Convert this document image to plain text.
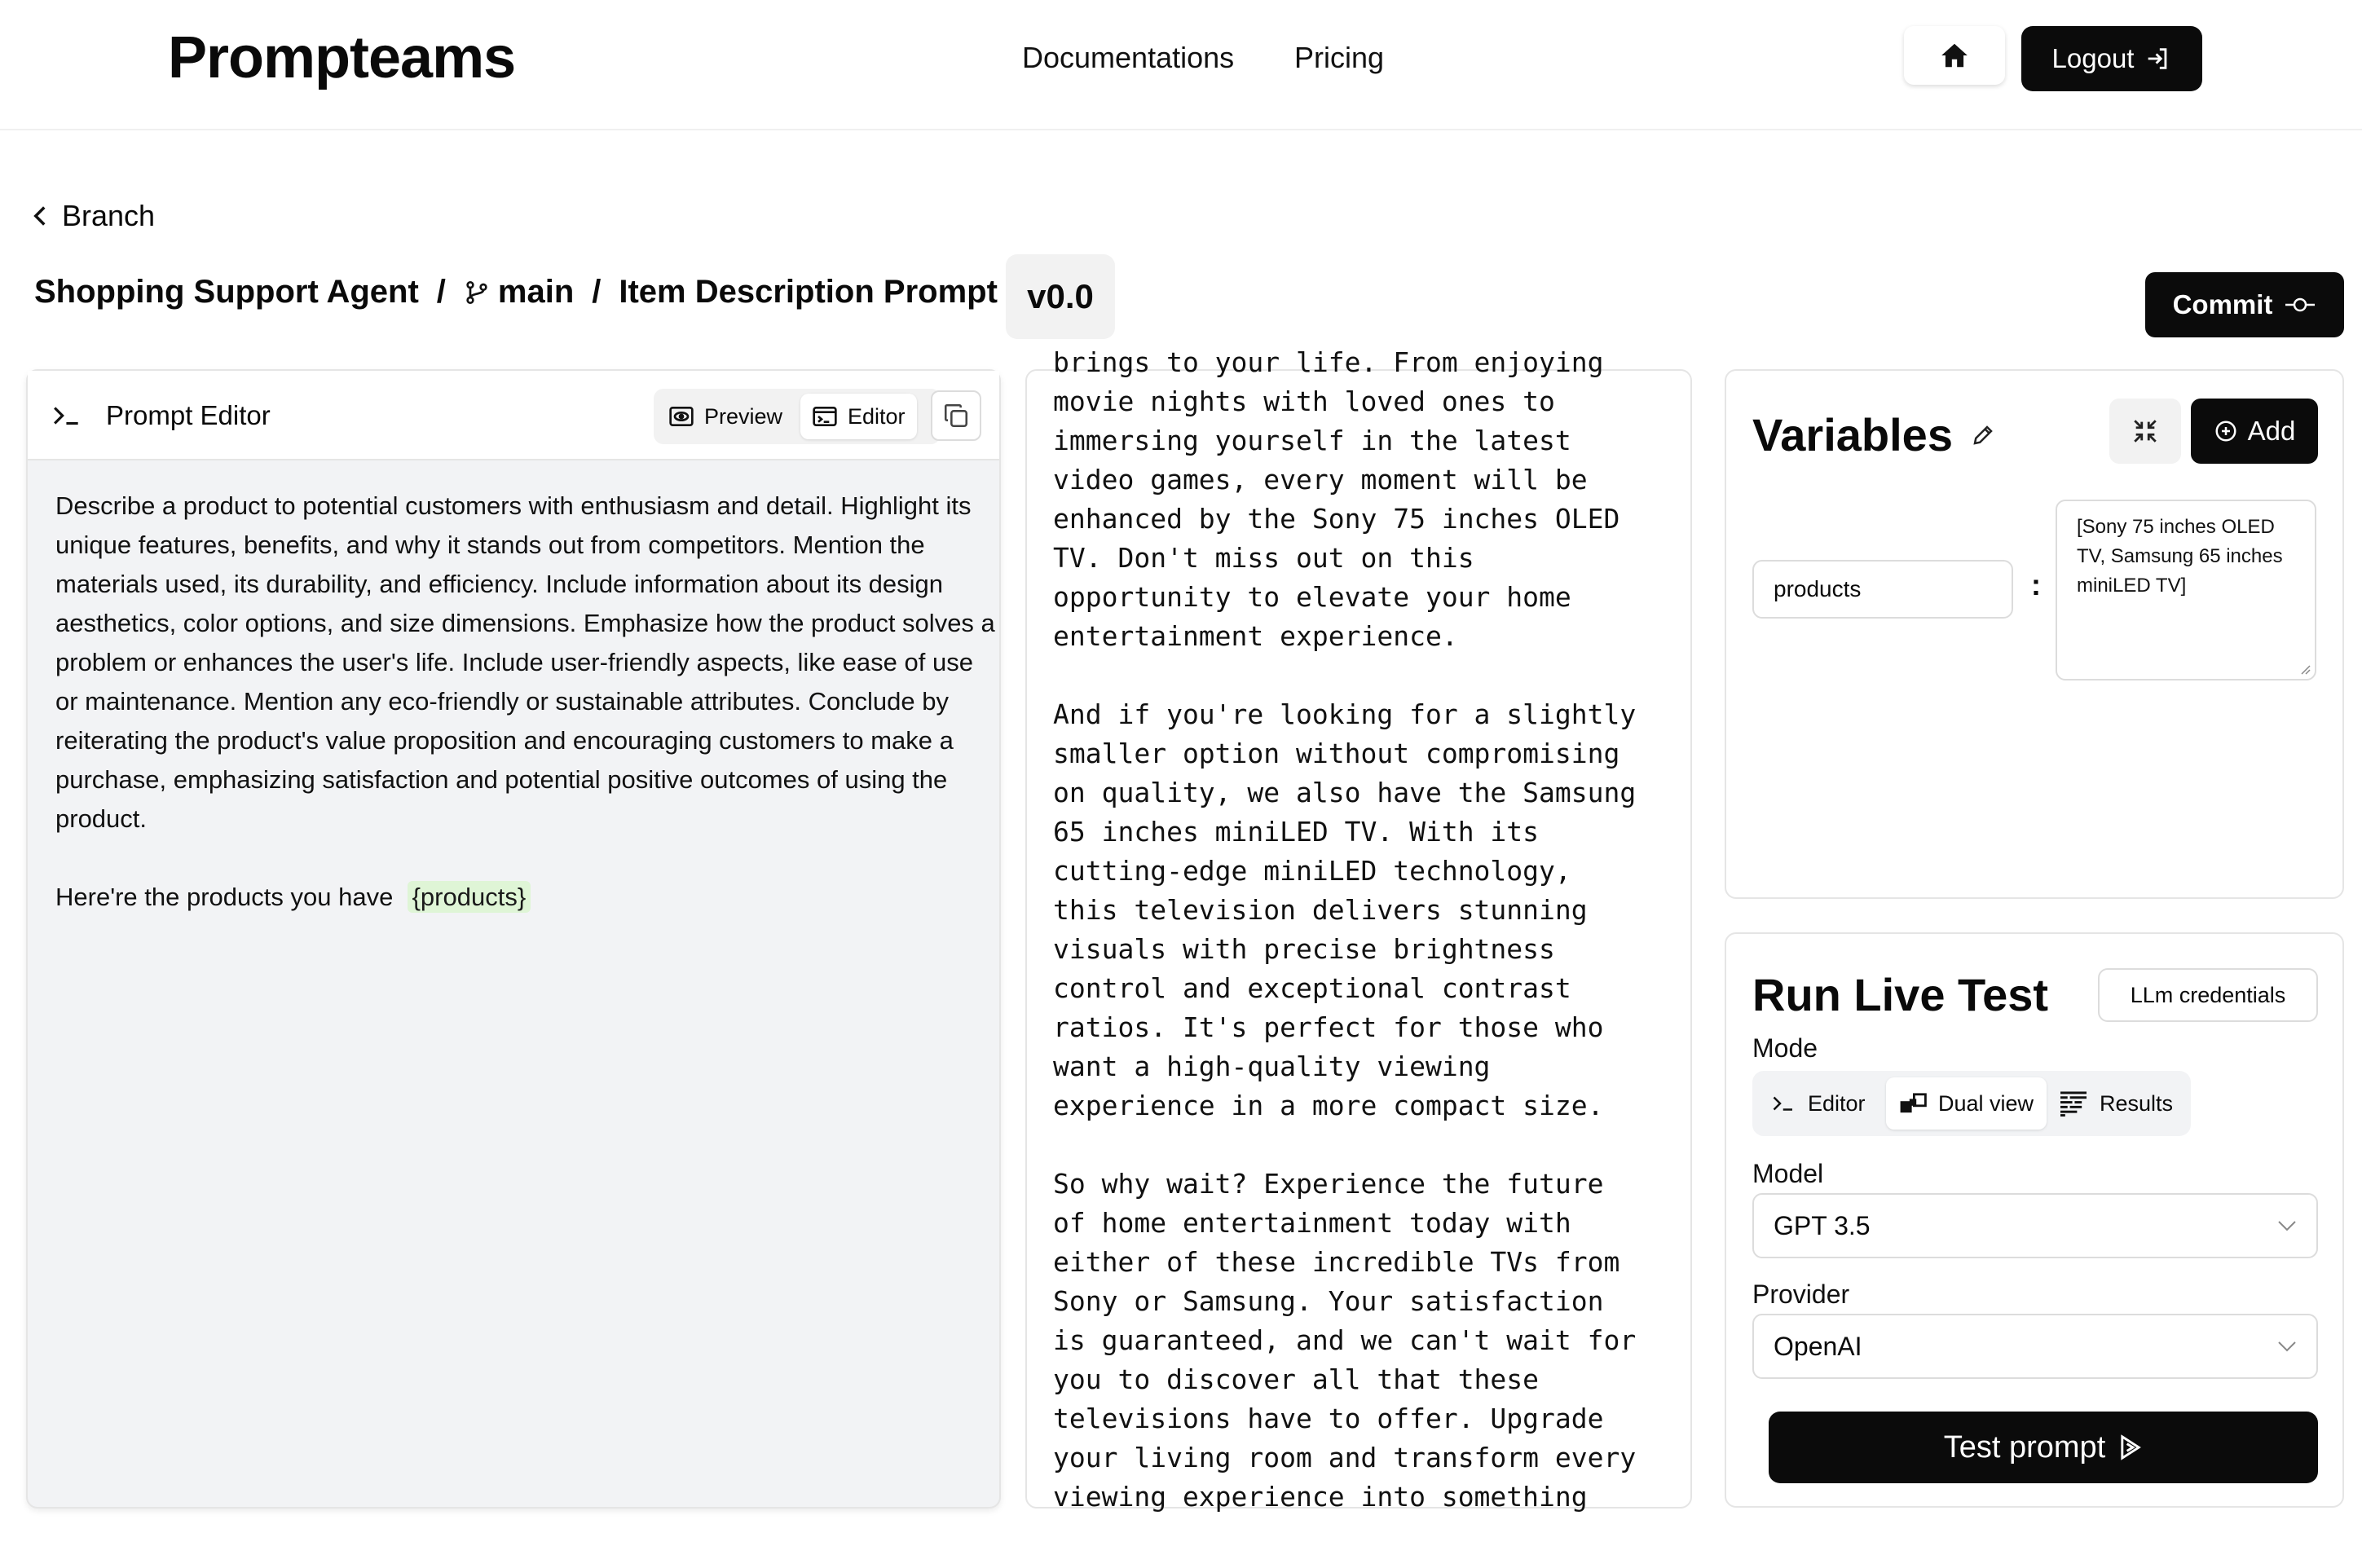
Prompteams	Documentations Pricing	Logout
Branch
Shopping Support Agent / main / Item Description Prompt v0.0	Commit
Prompt Editor	Preview	Editor

Describe a product to potential customers with enthusiasm and detail. Highlight its unique features, benefits, and why it stands out from competitors. Mention the materials used, its durability, and efficiency. Include information about its design aesthetics, color options, and size dimensions. Emphasize how the product solves a problem or enhances the user's life. Include user-friendly aspects, like ease of use or maintenance. Mention any eco-friendly or sustainable attributes. Conclude by reiterating the product's value proposition and encouraging customers to make a purchase, emphasizing satisfaction and potential positive outcomes of using the product.

Here're the products you have {products}

brings to your life. From enjoying
movie nights with loved ones to
immersing yourself in the latest
video games, every moment will be
enhanced by the Sony 75 inches OLED
TV. Don't miss out on this
opportunity to elevate your home
entertainment experience.

And if you're looking for a slightly
smaller option without compromising
on quality, we also have the Samsung
65 inches miniLED TV. With its
cutting-edge miniLED technology,
this television delivers stunning
visuals with precise brightness
control and exceptional contrast
ratios. It's perfect for those who
want a high-quality viewing
experience in a more compact size.

So why wait? Experience the future
of home entertainment today with
either of these incredible TVs from
Sony or Samsung. Your satisfaction
is guaranteed, and we can't wait for
you to discover all that these
televisions have to offer. Upgrade
your living room and transform every
viewing experience into something
Variables	Add
products	:
[Sony 75 inches OLED TV, Samsung 65 inches miniLED TV]
Run Live Test	LLm credentials
Mode
Editor	Dual view	Results
Model
GPT 3.5
Provider
OpenAI
Test prompt
